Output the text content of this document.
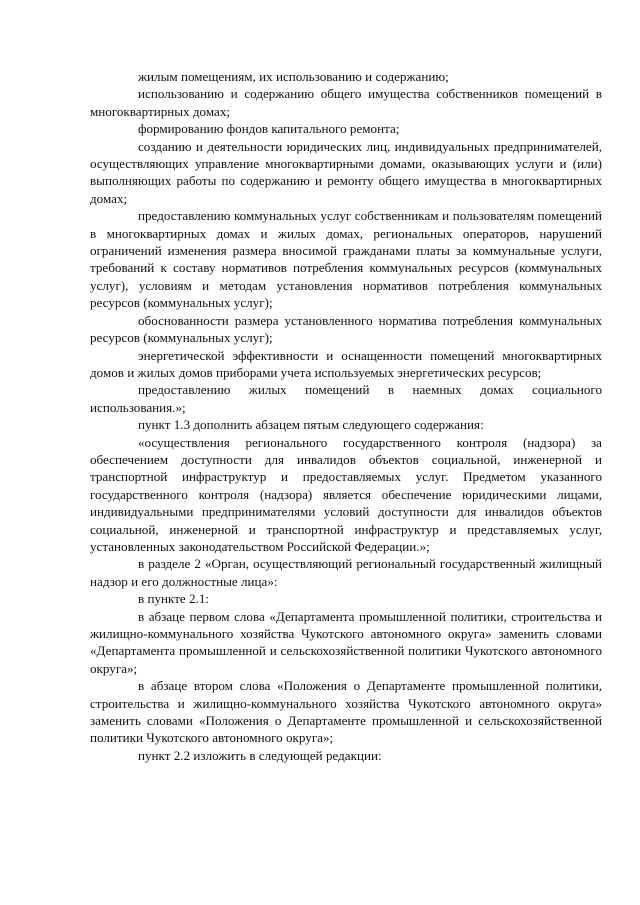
жилым помещениям, их использованию и содержанию;

использованию и содержанию общего имущества собственников помещений в многоквартирных домах;

формированию фондов капитального ремонта;

созданию и деятельности юридических лиц, индивидуальных предпринимателей, осуществляющих управление многоквартирными домами, оказывающих услуги и (или) выполняющих работы по содержанию и ремонту общего имущества в многоквартирных домах;

предоставлению коммунальных услуг собственникам и пользователям помещений в многоквартирных домах и жилых домах, региональных операторов, нарушений ограничений изменения размера вносимой гражданами платы за коммунальные услуги, требований к составу нормативов потребления коммунальных ресурсов (коммунальных услуг), условиям и методам установления нормативов потребления коммунальных ресурсов (коммунальных услуг);

обоснованности размера установленного норматива потребления коммунальных ресурсов (коммунальных услуг);

энергетической эффективности и оснащенности помещений многоквартирных домов и жилых домов приборами учета используемых энергетических ресурсов;

предоставлению жилых помещений в наемных домах социального использования.»;

пункт 1.3 дополнить абзацем пятым следующего содержания:

«осуществления регионального государственного контроля (надзора) за обеспечением доступности для инвалидов объектов социальной, инженерной и транспортной инфраструктур и предоставляемых услуг. Предметом указанного государственного контроля (надзора) является обеспечение юридическими лицами, индивидуальными предпринимателями условий доступности для инвалидов объектов социальной, инженерной и транспортной инфраструктур и представляемых услуг, установленных законодательством Российской Федерации.»;

в разделе 2 «Орган, осуществляющий региональный государственный жилищный надзор и его должностные лица»:

в пункте 2.1:

в абзаце первом слова «Департамента промышленной политики, строительства и жилищно-коммунального хозяйства Чукотского автономного округа» заменить словами «Департамента промышленной и сельскохозяйственной политики Чукотского автономного округа»;

в абзаце втором слова «Положения о Департаменте промышленной политики, строительства и жилищно-коммунального хозяйства Чукотского автономного округа» заменить словами «Положения о Департаменте промышленной и сельскохозяйственной политики Чукотского автономного округа»;

пункт 2.2 изложить в следующей редакции:
